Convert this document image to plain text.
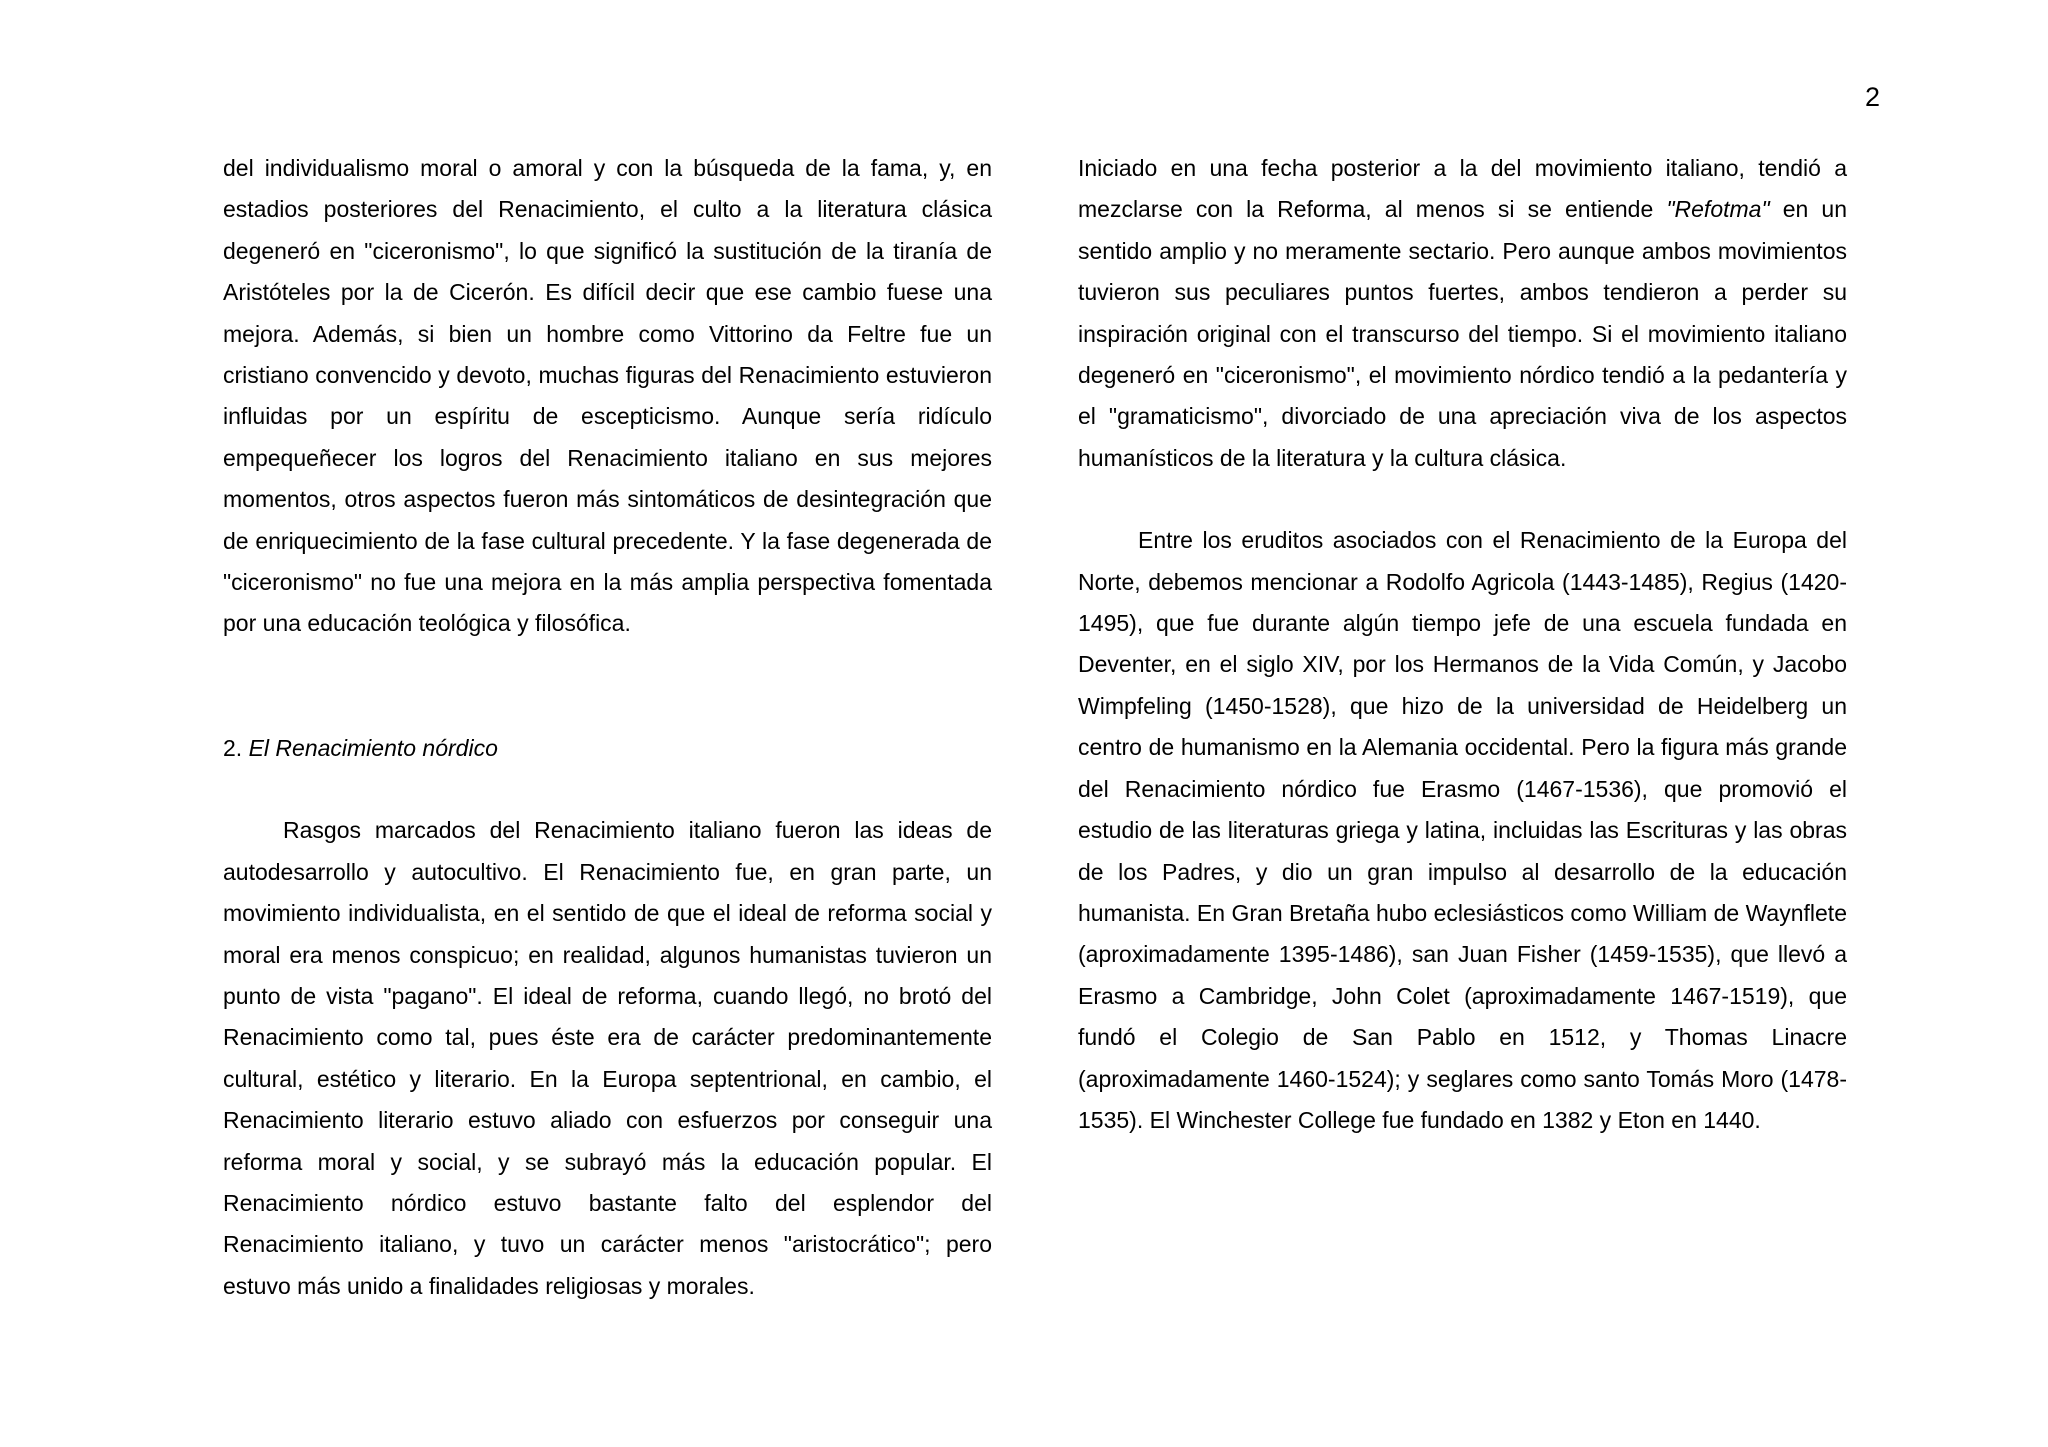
2

del individualismo moral o amoral y con la búsqueda de la fama, y, en estadios posteriores del Renacimiento, el culto a la literatura clásica degeneró en "ciceronismo", lo que significó la sustitución de la tiranía de Aristóteles por la de Cicerón. Es difícil decir que ese cambio fuese una mejora. Además, si bien un hombre como Vittorino da Feltre fue un cristiano convencido y devoto, muchas figuras del Renacimiento estuvieron influidas por un espíritu de escepticismo. Aunque sería ridículo empequeñecer los logros del Renacimiento italiano en sus mejores momentos, otros aspectos fueron más sintomáticos de desintegración que de enriquecimiento de la fase cultural precedente. Y la fase degenerada de "ciceronismo" no fue una mejora en la más amplia perspectiva fomentada por una educación teológica y filosófica.

2. El Renacimiento nórdico

Rasgos marcados del Renacimiento italiano fueron las ideas de autodesarrollo y autocultivo. El Renacimiento fue, en gran parte, un movimiento individualista, en el sentido de que el ideal de reforma social y moral era menos conspicuo; en realidad, algunos humanistas tuvieron un punto de vista "pagano". El ideal de reforma, cuando llegó, no brotó del Renacimiento como tal, pues éste era de carácter predominantemente cultural, estético y literario. En la Europa septentrional, en cambio, el Renacimiento literario estuvo aliado con esfuerzos por conseguir una reforma moral y social, y se subrayó más la educación popular. El Renacimiento nórdico estuvo bastante falto del esplendor del Renacimiento italiano, y tuvo un carácter menos "aristocrático"; pero estuvo más unido a finalidades religiosas y morales.

Iniciado en una fecha posterior a la del movimiento italiano, tendió a mezclarse con la Reforma, al menos si se entiende "Refotma" en un sentido amplio y no meramente sectario. Pero aunque ambos movimientos tuvieron sus peculiares puntos fuertes, ambos tendieron a perder su inspiración original con el transcurso del tiempo. Si el movimiento italiano degeneró en "ciceronismo", el movimiento nórdico tendió a la pedantería y el "gramaticismo", divorciado de una apreciación viva de los aspectos humanísticos de la literatura y la cultura clásica.

Entre los eruditos asociados con el Renacimiento de la Europa del Norte, debemos mencionar a Rodolfo Agricola (1443-1485), Regius (1420-1495), que fue durante algún tiempo jefe de una escuela fundada en Deventer, en el siglo XIV, por los Hermanos de la Vida Común, y Jacobo Wimpfeling (1450-1528), que hizo de la universidad de Heidelberg un centro de humanismo en la Alemania occidental. Pero la figura más grande del Renacimiento nórdico fue Erasmo (1467-1536), que promovió el estudio de las literaturas griega y latina, incluidas las Escrituras y las obras de los Padres, y dio un gran impulso al desarrollo de la educación humanista. En Gran Bretaña hubo eclesiásticos como William de Waynflete (aproximadamente 1395-1486), san Juan Fisher (1459-1535), que llevó a Erasmo a Cambridge, John Colet (aproximadamente 1467-1519), que fundó el Colegio de San Pablo en 1512, y Thomas Linacre (aproximadamente 1460-1524); y seglares como santo Tomás Moro (1478-1535). El Winchester College fue fundado en 1382 y Eton en 1440.
